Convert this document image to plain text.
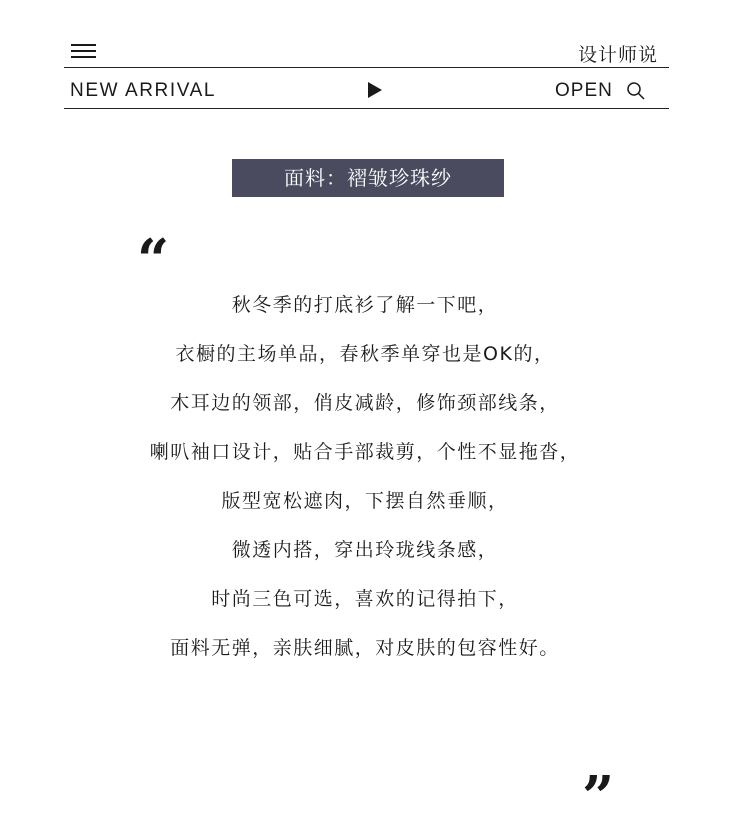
设计师说
NEW ARRIVAL	OPEN
面料：褶皱珍珠纱
“
秋冬季的打底衫了解一下吧，
衣橱的主场单品，春秋季单穿也是OK的，
木耳边的领部，俏皮减龄，修饰颈部线条，
喇叭袖口设计，贴合手部裁剪，个性不显拖沓，
版型宽松遮肉，下摆自然垂顺，
微透内搭，穿出玲珑线条感，
时尚三色可选，喜欢的记得拍下，
面料无弹，亲肤细腻，对皮肤的包容性好。
”
